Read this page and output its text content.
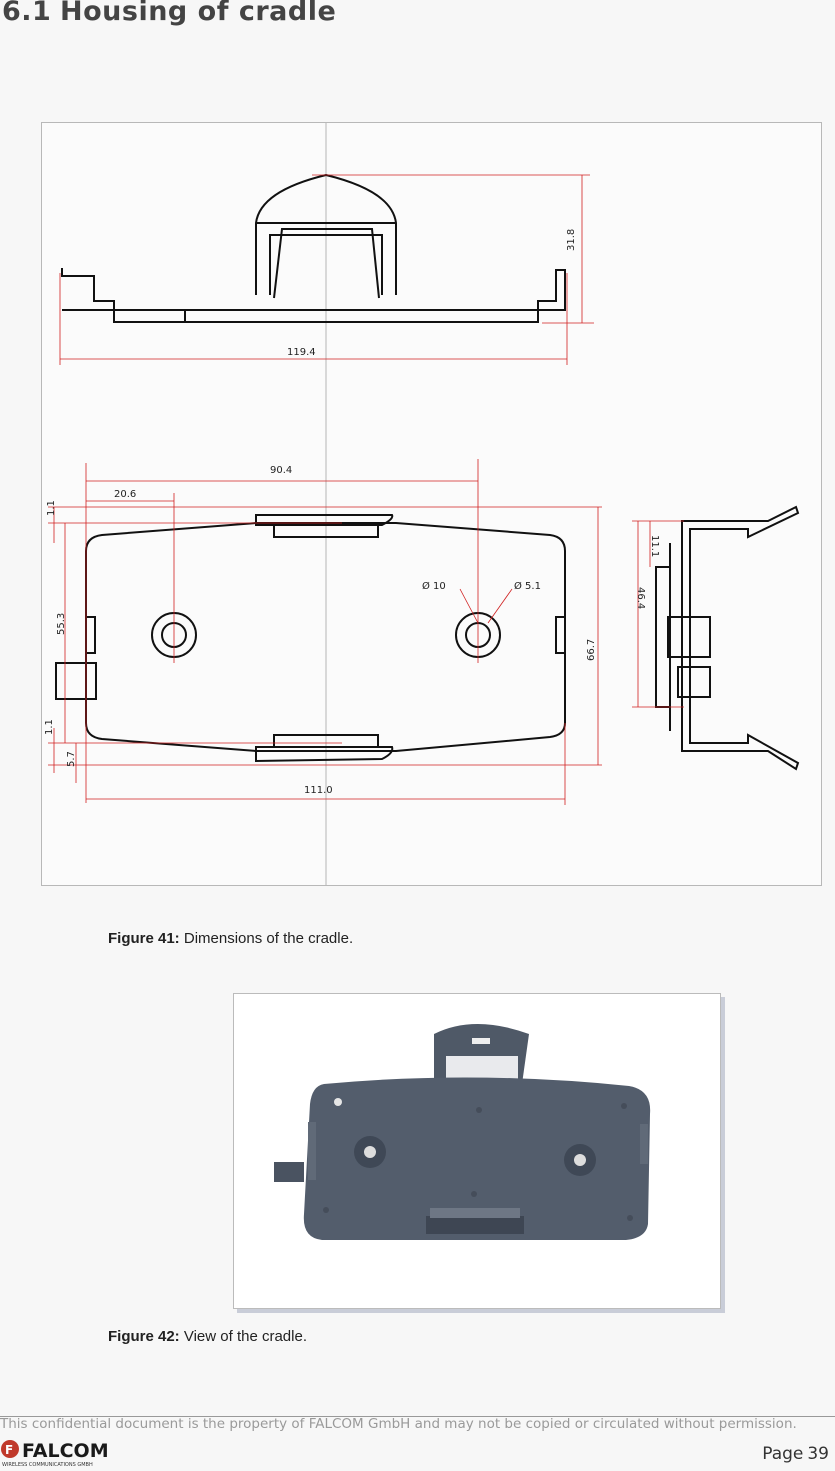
6.1 Housing of cradle
31.8
119.4
90.4
20.6
1.1
55.3
1.1
5.7
111.0
66.7
Ø 10	Ø 5.1
11.1
46.4
Figure 41: Dimensions of the cradle.
Figure 42: View of the cradle.
This confidential document is the property of FALCOM GmbH and may not be copied or circulated without permission.
F FALCOM
WIRELESS COMMUNICATIONS GMBH
Page 39
